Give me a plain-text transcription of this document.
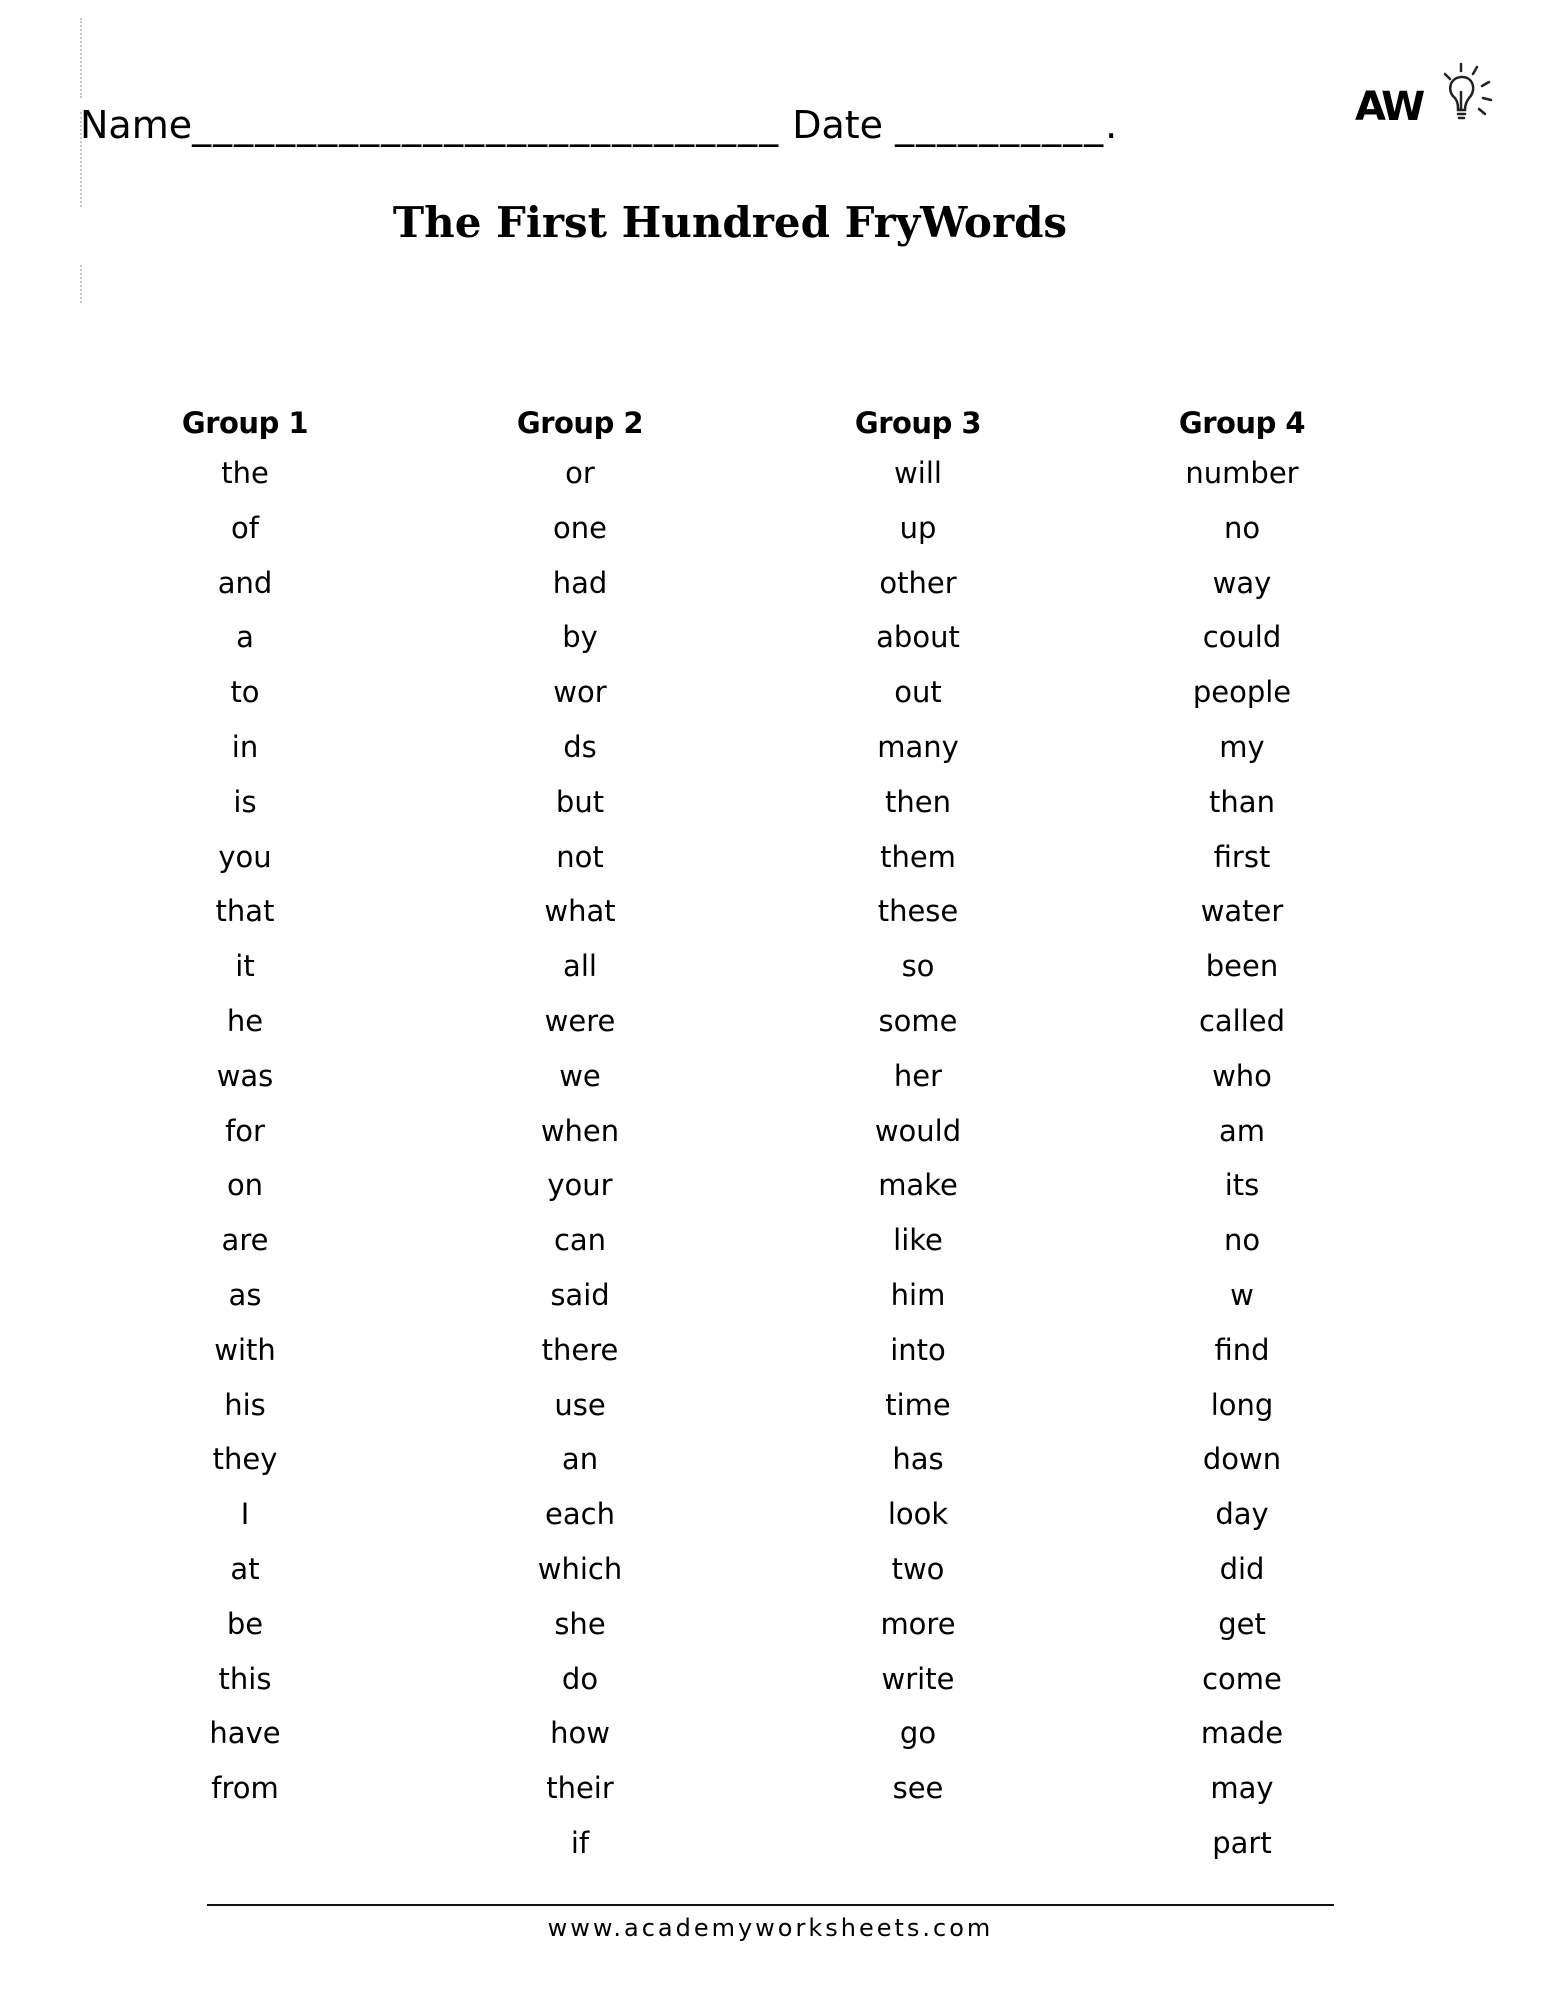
Name____________________________ Date __________.	AW
The First Hundred FryWords
Group 1
the
of
and
a
to
in
is
you
that
it
he
was
for
on
are
as
with
his
they
I
at
be
this
have
from
Group 2
or
one
had
by
wor
ds
but
not
what
all
were
we
when
your
can
said
there
use
an
each
which
she
do
how
their
if
Group 3
will
up
other
about
out
many
then
them
these
so
some
her
would
make
like
him
into
time
has
look
two
more
write
go
see
Group 4
number
no
way
could
people
my
than
first
water
been
called
who
am
its
no
w
find
long
down
day
did
get
come
made
may
part
www.academyworksheets.com
